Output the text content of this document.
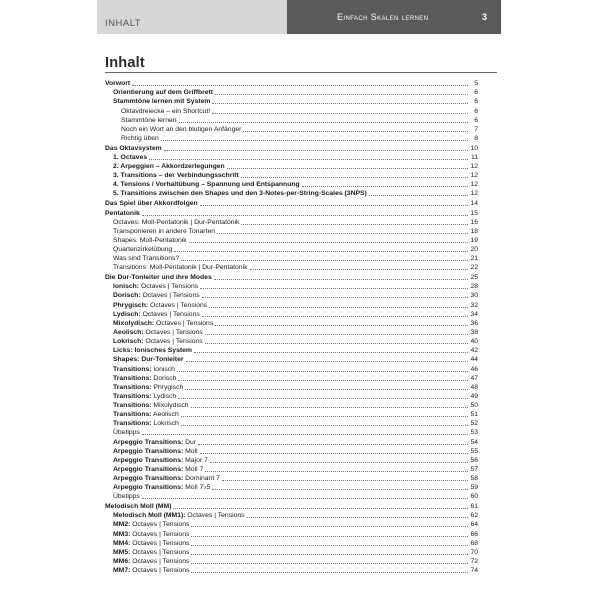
INHALT
Einfach Skalen lernen	3
Inhalt
Vorwort	5
Orientierung auf dem Griffbrett	6
Stammtöne lernen mit System	6
Oktavdreiecke – ein Shortcut!	6
Stammtöne lernen	6
Noch ein Wort an den blutigen Anfänger	7
Richtig üben	8
Das Oktavsystem	10
1. Octaves	11
2. Arpeggien – Akkordzerlegungen	12
3. Transitions – der Verbindungsschritt	12
4. Tensions / Vorhaltübung – Spannung und Entspannung	12
5. Transitions zwischen den Shapes und den 3-Notes-per-String-Scales (3NPS)	12
Das Spiel über Akkordfolgen	14
Pentatonik	15
Octaves: Moll-Pentatonik | Dur-Pentatonik	16
Transponieren in andere Tonarten	18
Shapes: Moll-Pentatonik	19
Quartenzirkelübung	20
Was sind Transitions?	21
Transitions: Moll-Pentatonik | Dur-Pentatonik	22
Die Dur-Tonleiter und ihre Modes	25
Ionisch: Octaves | Tensions	28
Dorisch: Octaves | Tensions	30
Phrygisch: Octaves | Tensions	32
Lydisch: Octaves | Tensions	34
Mixolydisch: Octaves | Tensions	36
Aeolisch: Octaves | Tensions	38
Lokrisch: Octaves | Tensions	40
Licks: Ionisches System	42
Shapes: Dur-Tonleiter	44
Transitions: Ionisch	46
Transitions: Dorisch	47
Transitions: Phrygisch	48
Transitions: Lydisch	49
Transitions: Mixolydisch	50
Transitions: Aeolisch	51
Transitions: Lokrisch	52
Übetipps	53
Arpeggio Transitions: Dur	54
Arpeggio Transitions: Moll	55
Arpeggio Transitions: Major 7	56
Arpeggio Transitions: Moll 7	57
Arpeggio Transitions: Dominant 7	58
Arpeggio Transitions: Moll 7♭5	59
Übetipps	60
Melodisch Moll (MM)	61
Melodisch Moll (MM1): Octaves | Tensions	62
MM2: Octaves | Tensions	64
MM3: Octaves | Tensions	66
MM4: Octaves | Tensions	68
MM5: Octaves | Tensions	70
MM6: Octaves | Tensions	72
MM7: Octaves | Tensions	74
